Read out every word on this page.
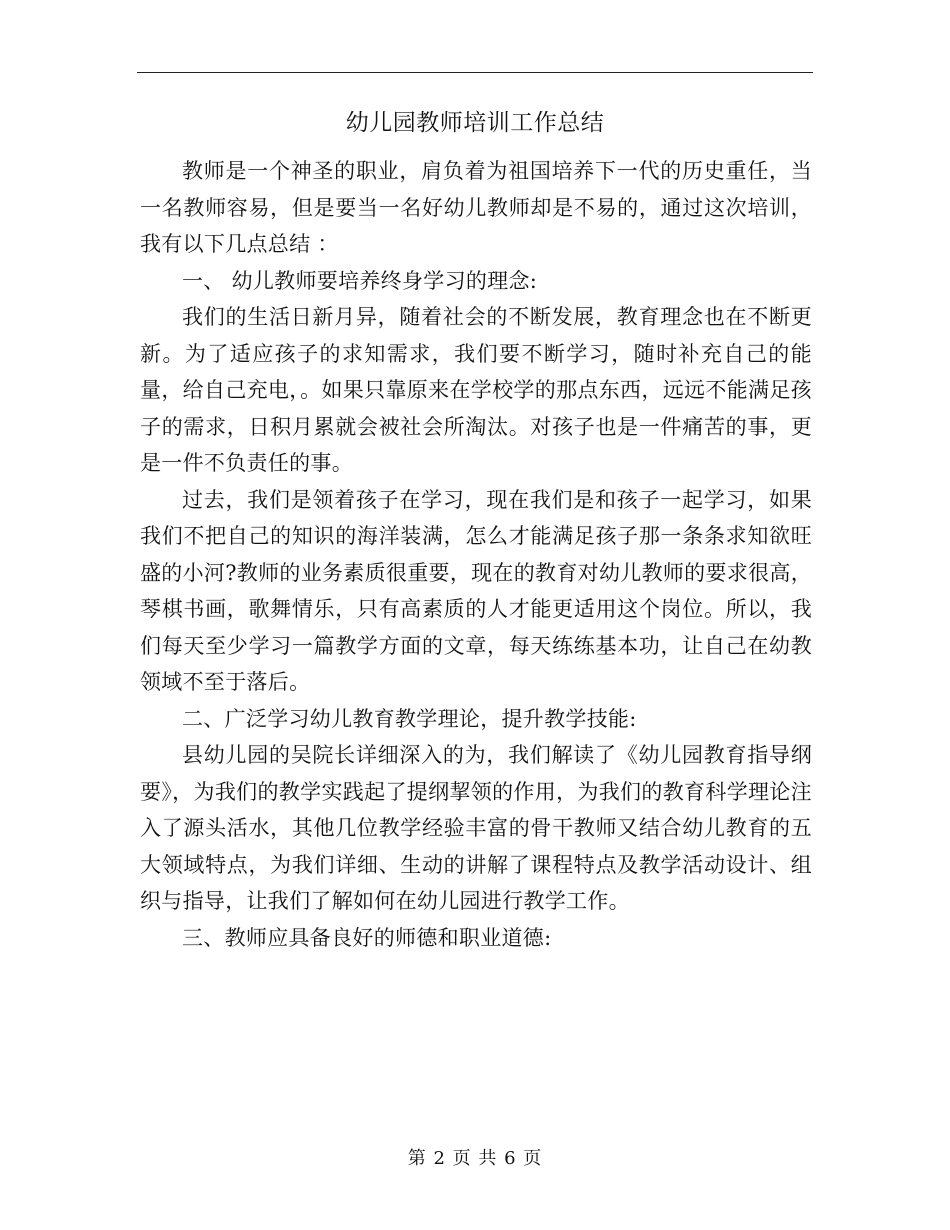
幼儿园教师培训工作总结

教师是一个神圣的职业，肩负着为祖国培养下一代的历史重任，当一名教师容易，但是要当一名好幼儿教师却是不易的，通过这次培训，我有以下几点总结 ：

一、 幼儿教师要培养终身学习的理念:

我们的生活日新月异，随着社会的不断发展，教育理念也在不断更新。为了适应孩子的求知需求，我们要不断学习，随时补充自己的能量，给自己充电，。如果只靠原来在学校学的那点东西，远远不能满足孩子的需求，日积月累就会被社会所淘汰。对孩子也是一件痛苦的事，更是一件不负责任的事。

过去，我们是领着孩子在学习，现在我们是和孩子一起学习，如果我们不把自己的知识的海洋装满，怎么才能满足孩子那一条条求知欲旺盛的小河?教师的业务素质很重要，现在的教育对幼儿教师的要求很高，琴棋书画，歌舞情乐，只有高素质的人才能更适用这个岗位。所以，我们每天至少学习一篇教学方面的文章，每天练练基本功，让自己在幼教领域不至于落后。

二、广泛学习幼儿教育教学理论，提升教学技能:

县幼儿园的吴院长详细深入的为，我们解读了《幼儿园教育指导纲要》，为我们的教学实践起了提纲挈领的作用，为我们的教育科学理论注入了源头活水，其他几位教学经验丰富的骨干教师又结合幼儿教育的五大领域特点，为我们详细、生动的讲解了课程特点及教学活动设计、组织与指导，让我们了解如何在幼儿园进行教学工作。

三、教师应具备良好的师德和职业道德:

第 2 页 共 6 页
